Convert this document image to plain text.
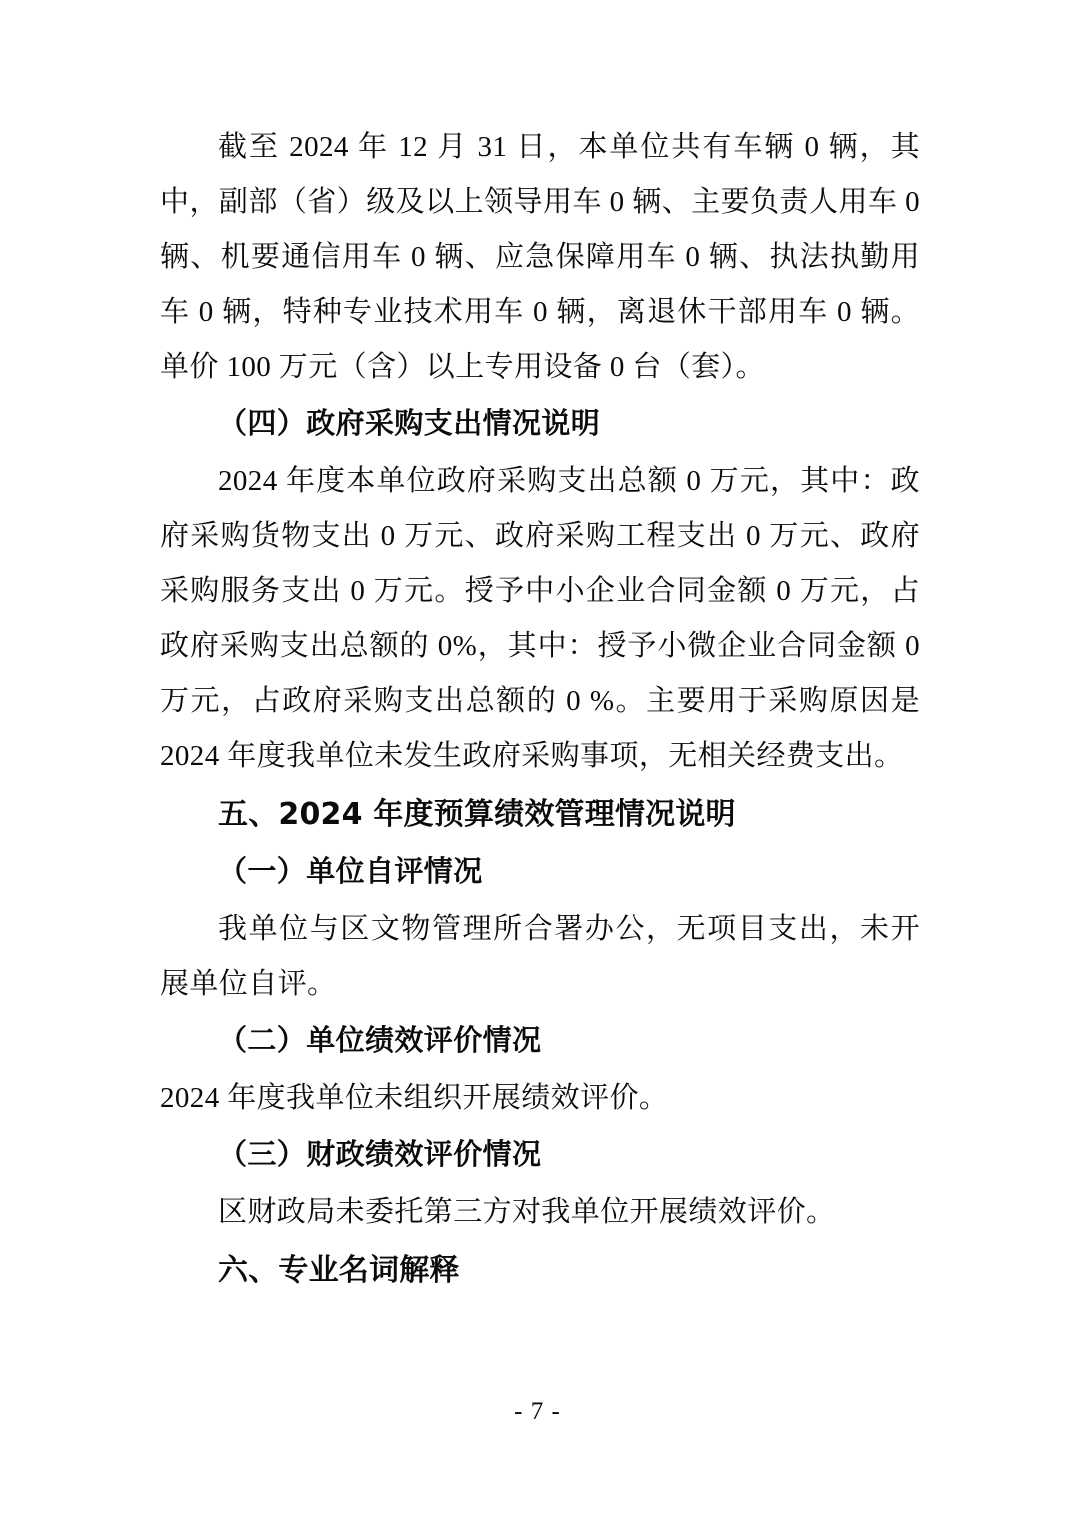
截至 2024 年 12 月 31 日，本单位共有车辆 0 辆，其中，副部（省）级及以上领导用车 0 辆、主要负责人用车 0 辆、机要通信用车 0 辆、应急保障用车 0 辆、执法执勤用车 0 辆，特种专业技术用车 0 辆，离退休干部用车 0 辆。单价 100 万元（含）以上专用设备 0 台（套）。

（四）政府采购支出情况说明

2024 年度本单位政府采购支出总额 0 万元，其中：政府采购货物支出 0 万元、政府采购工程支出 0 万元、政府采购服务支出 0 万元。授予中小企业合同金额 0 万元，占政府采购支出总额的 0%，其中：授予小微企业合同金额 0 万元，占政府采购支出总额的 0 %。主要用于采购原因是 2024 年度我单位未发生政府采购事项，无相关经费支出。

五、2024 年度预算绩效管理情况说明

（一）单位自评情况

我单位与区文物管理所合署办公，无项目支出，未开展单位自评。

（二）单位绩效评价情况

2024 年度我单位未组织开展绩效评价。

（三）财政绩效评价情况

区财政局未委托第三方对我单位开展绩效评价。

六、专业名词解释

- 7 -
